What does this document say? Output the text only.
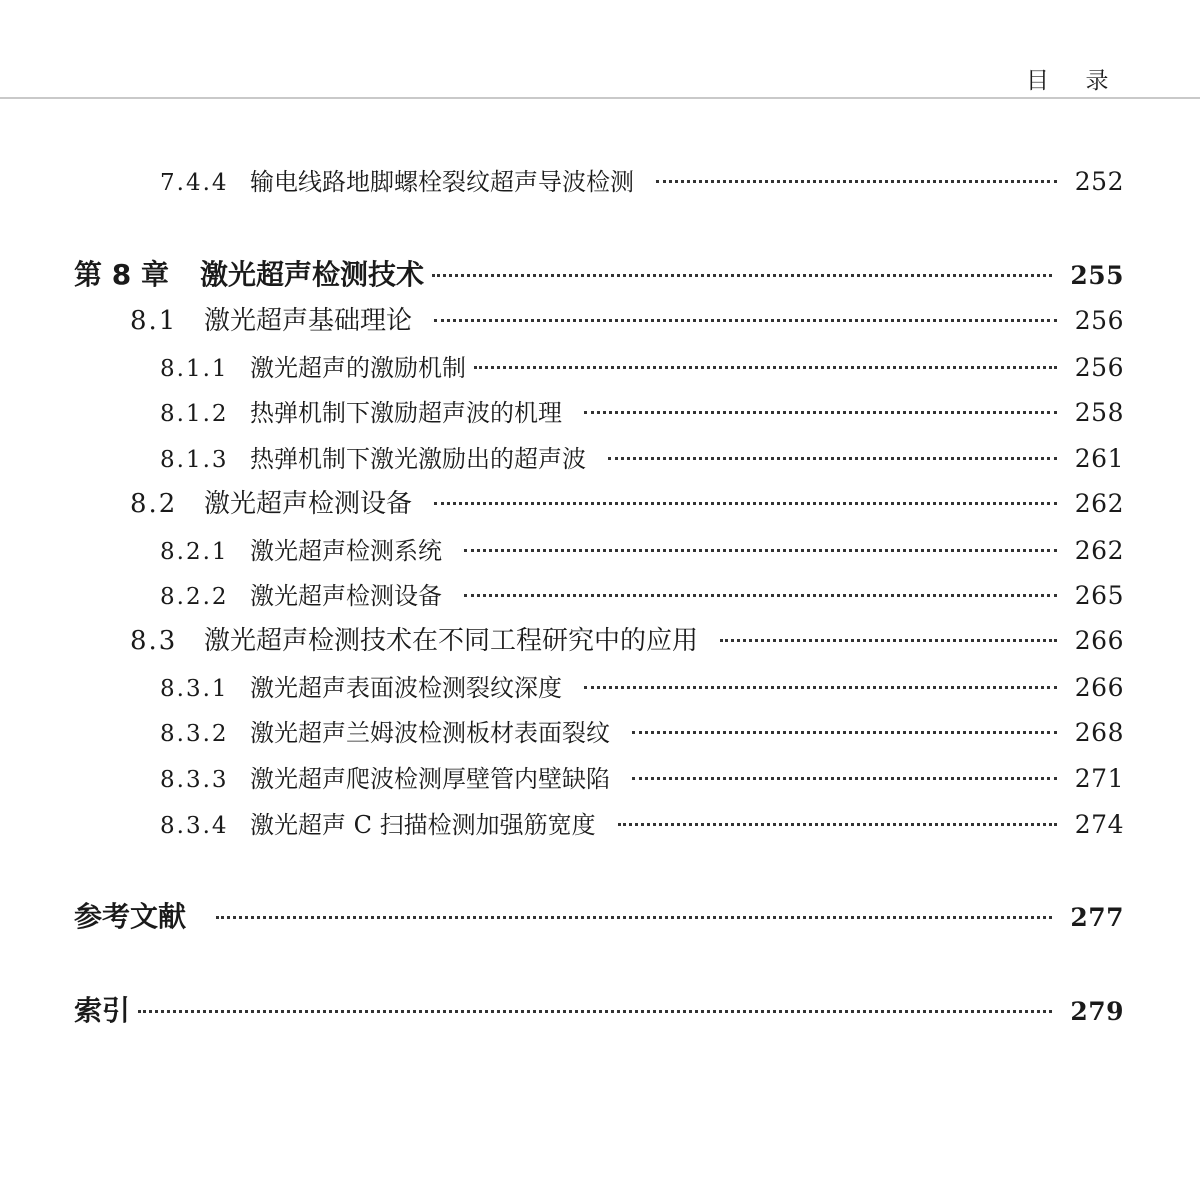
目     录
7.4.4 输电线路地脚螺栓裂纹超声导波检测	252
第 8 章	激光超声检测技术	255
8.1	激光超声基础理论	256
8.1.1 激光超声的激励机制	256
8.1.2 热弹机制下激励超声波的机理	258
8.1.3 热弹机制下激光激励出的超声波	261
8.2	激光超声检测设备	262
8.2.1 激光超声检测系统	262
8.2.2 激光超声检测设备	265
8.3	激光超声检测技术在不同工程研究中的应用	266
8.3.1 激光超声表面波检测裂纹深度	266
8.3.2 激光超声兰姆波检测板材表面裂纹	268
8.3.3 激光超声爬波检测厚壁管内壁缺陷	271
8.3.4 激光超声 C 扫描检测加强筋宽度	274
参考文献	277
索引	279
